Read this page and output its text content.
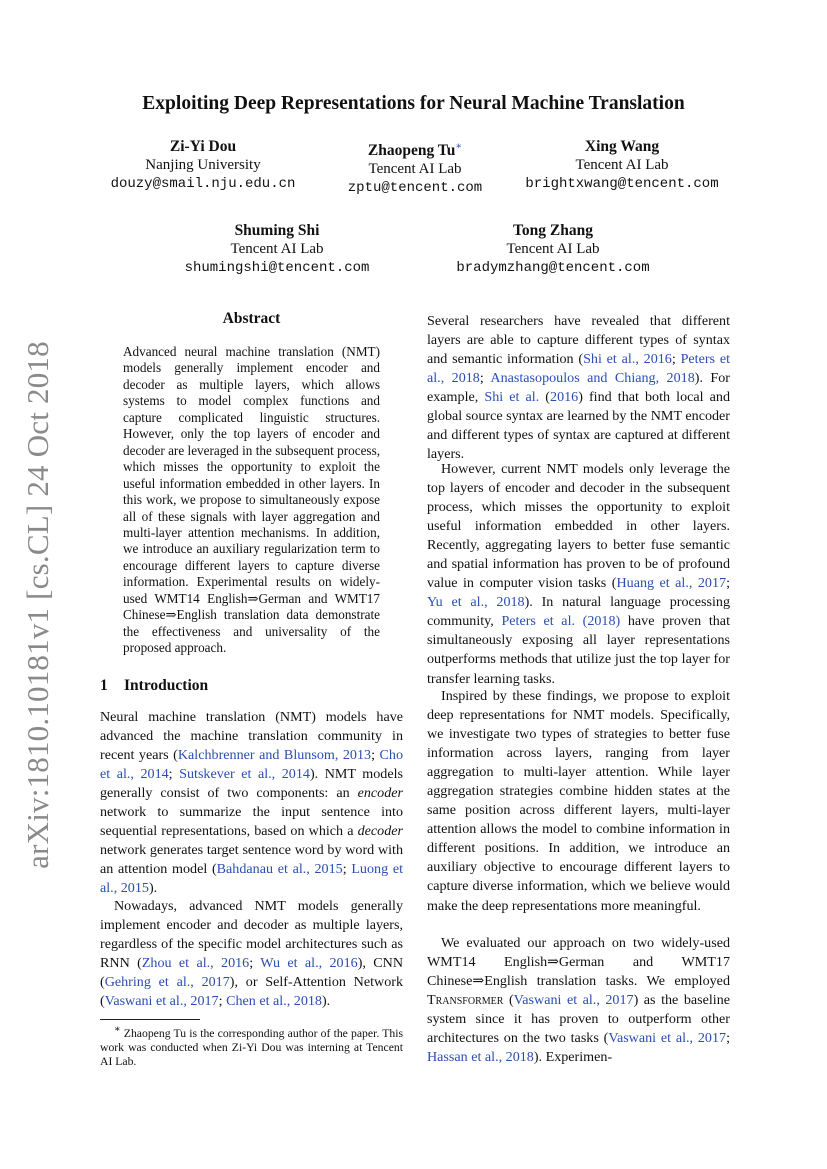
arXiv:1810.10181v1 [cs.CL] 24 Oct 2018
Exploiting Deep Representations for Neural Machine Translation
Zi-Yi Dou
Nanjing University
douzy@smail.nju.edu.cn
Zhaopeng Tu∗
Tencent AI Lab
zptu@tencent.com
Xing Wang
Tencent AI Lab
brightxwang@tencent.com
Shuming Shi
Tencent AI Lab
shumingshi@tencent.com
Tong Zhang
Tencent AI Lab
bradymzhang@tencent.com
Abstract

Advanced neural machine translation (NMT) models generally implement encoder and decoder as multiple layers, which allows systems to model complex functions and capture complicated linguistic structures. However, only the top layers of encoder and decoder are leveraged in the subsequent process, which misses the opportunity to exploit the useful information embedded in other layers. In this work, we propose to simultaneously expose all of these signals with layer aggregation and multi-layer attention mechanisms. In addition, we introduce an auxiliary regularization term to encourage different layers to capture diverse information. Experimental results on widely-used WMT14 English⇒German and WMT17 Chinese⇒English translation data demonstrate the effectiveness and universality of the proposed approach.

1 Introduction

Neural machine translation (NMT) models have advanced the machine translation community in recent years (Kalchbrenner and Blunsom, 2013; Cho et al., 2014; Sutskever et al., 2014). NMT models generally consist of two components: an encoder network to summarize the input sentence into sequential representations, based on which a decoder network generates target sentence word by word with an attention model (Bahdanau et al., 2015; Luong et al., 2015).

Nowadays, advanced NMT models generally implement encoder and decoder as multiple layers, regardless of the specific model architectures such as RNN (Zhou et al., 2016; Wu et al., 2016), CNN (Gehring et al., 2017), or Self-Attention Network (Vaswani et al., 2017; Chen et al., 2018).

∗ Zhaopeng Tu is the corresponding author of the paper. This work was conducted when Zi-Yi Dou was interning at Tencent AI Lab.

Several researchers have revealed that different layers are able to capture different types of syntax and semantic information (Shi et al., 2016; Peters et al., 2018; Anastasopoulos and Chiang, 2018). For example, Shi et al. (2016) find that both local and global source syntax are learned by the NMT encoder and different types of syntax are captured at different layers.

However, current NMT models only leverage the top layers of encoder and decoder in the subsequent process, which misses the opportunity to exploit useful information embedded in other layers. Recently, aggregating layers to better fuse semantic and spatial information has proven to be of profound value in computer vision tasks (Huang et al., 2017; Yu et al., 2018). In natural language processing community, Peters et al. (2018) have proven that simultaneously exposing all layer representations outperforms methods that utilize just the top layer for transfer learning tasks.

Inspired by these findings, we propose to exploit deep representations for NMT models. Specifically, we investigate two types of strategies to better fuse information across layers, ranging from layer aggregation to multi-layer attention. While layer aggregation strategies combine hidden states at the same position across different layers, multi-layer attention allows the model to combine information in different positions. In addition, we introduce an auxiliary objective to encourage different layers to capture diverse information, which we believe would make the deep representations more meaningful.

We evaluated our approach on two widely-used WMT14 English⇒German and WMT17 Chinese⇒English translation tasks. We employed Transformer (Vaswani et al., 2017) as the baseline system since it has proven to outperform other architectures on the two tasks (Vaswani et al., 2017; Hassan et al., 2018). Experimen-
